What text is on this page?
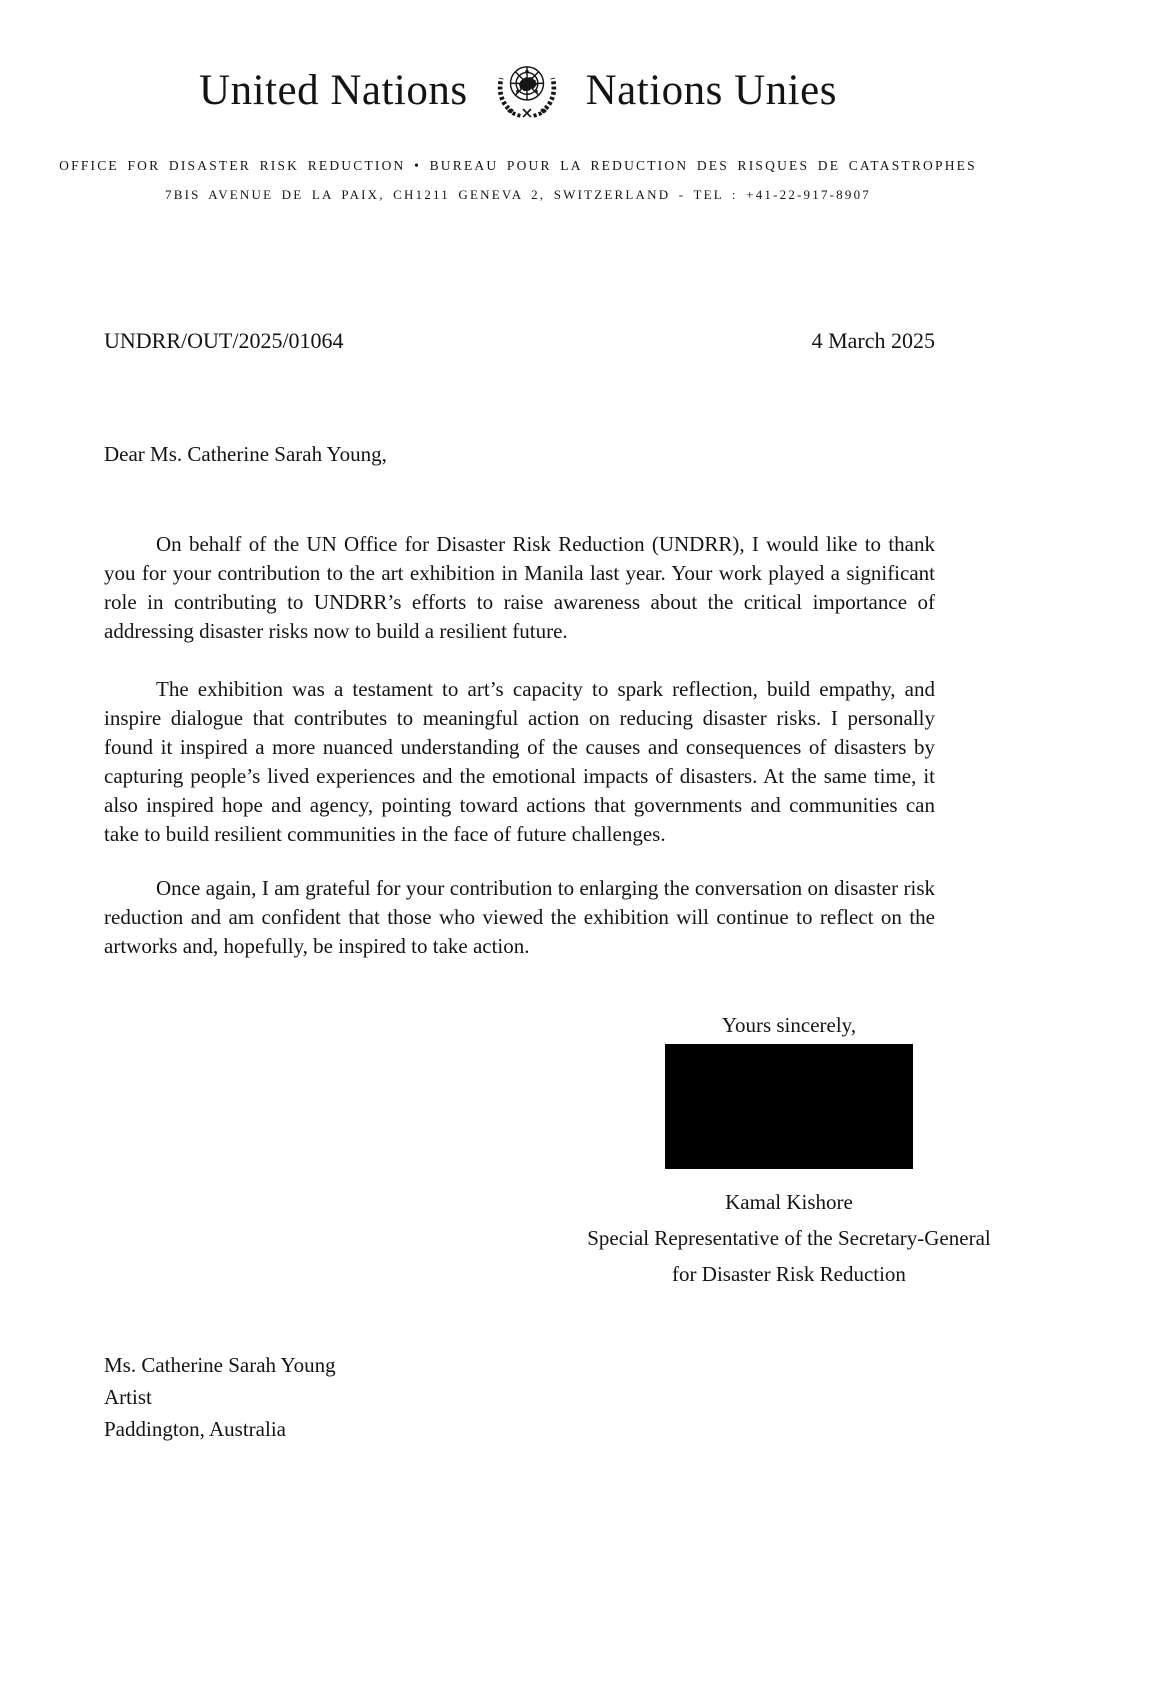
United Nations	Nations Unies
OFFICE FOR DISASTER RISK REDUCTION • BUREAU POUR LA REDUCTION DES RISQUES DE CATASTROPHES
7BIS AVENUE DE LA PAIX, CH1211 GENEVA 2, SWITZERLAND - TEL : +41-22-917-8907
UNDRR/OUT/2025/01064	4 March 2025

Dear Ms. Catherine Sarah Young,

On behalf of the UN Office for Disaster Risk Reduction (UNDRR), I would like to thank you for your contribution to the art exhibition in Manila last year. Your work played a significant role in contributing to UNDRR’s efforts to raise awareness about the critical importance of addressing disaster risks now to build a resilient future.

The exhibition was a testament to art’s capacity to spark reflection, build empathy, and inspire dialogue that contributes to meaningful action on reducing disaster risks. I personally found it inspired a more nuanced understanding of the causes and consequences of disasters by capturing people’s lived experiences and the emotional impacts of disasters. At the same time, it also inspired hope and agency, pointing toward actions that governments and communities can take to build resilient communities in the face of future challenges.

Once again, I am grateful for your contribution to enlarging the conversation on disaster risk reduction and am confident that those who viewed the exhibition will continue to reflect on the artworks and, hopefully, be inspired to take action.

Yours sincerely,
Kamal Kishore
Special Representative of the Secretary-General
for Disaster Risk Reduction
Ms. Catherine Sarah Young
Artist
Paddington, Australia
